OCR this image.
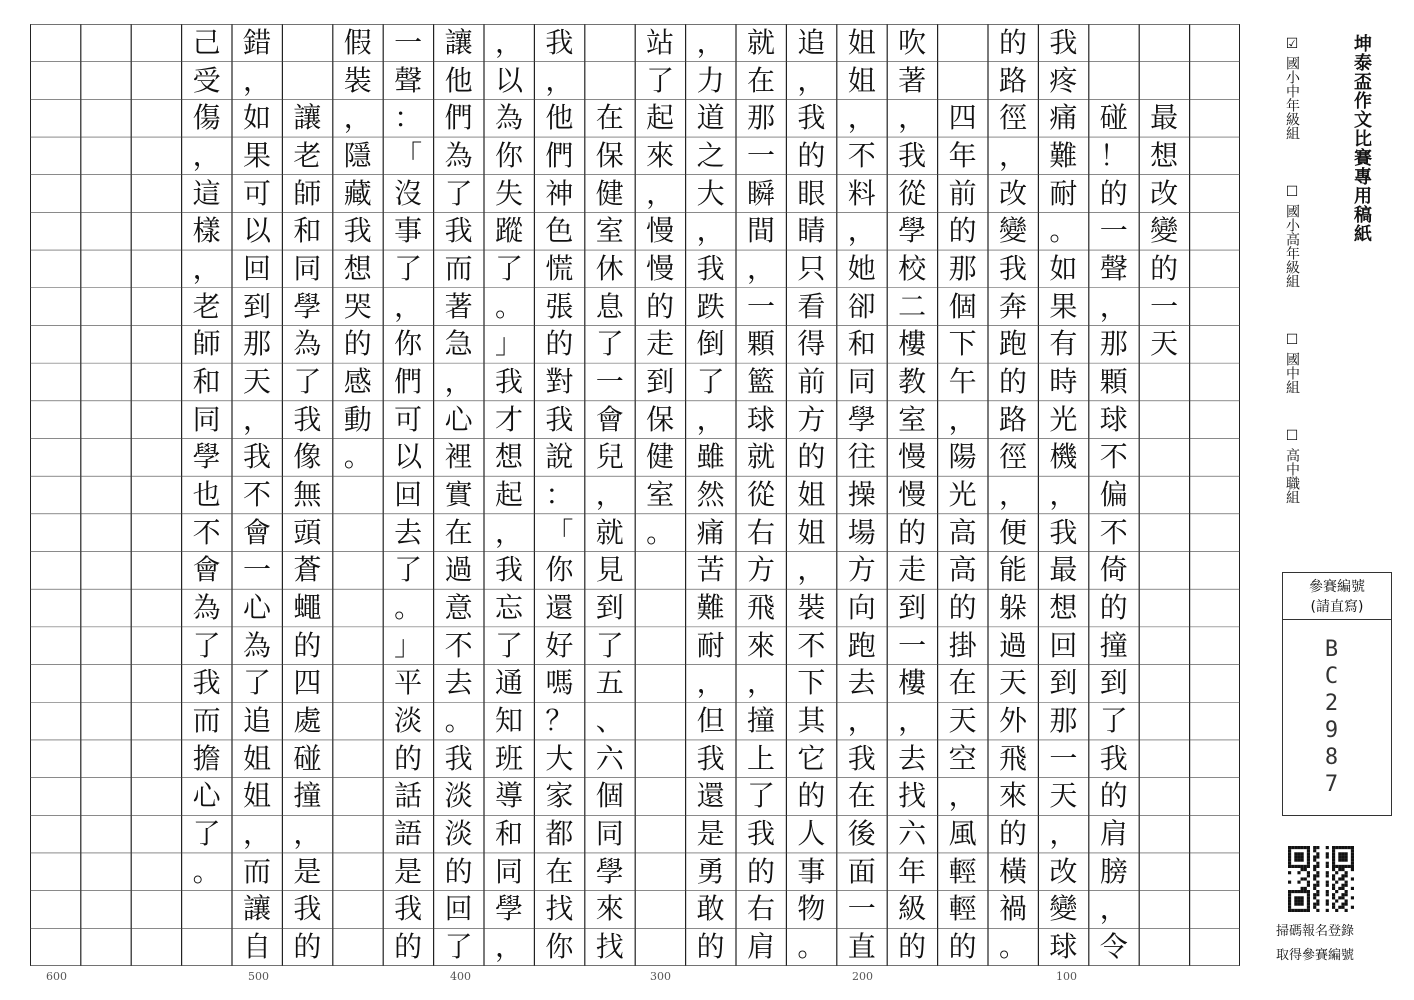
最
想
改
變
的
一
天
碰
！
的
一
聲
，
那
顆
球
不
偏
不
倚
的
撞
到
了
我
的
肩
膀
，
令
我
疼
痛
難
耐
。
如
果
有
時
光
機
，
我
最
想
回
到
那
一
天
，
改
變
球
的
路
徑
，
改
變
我
奔
跑
的
路
徑
，
便
能
躲
過
天
外
飛
來
的
橫
禍
。
四
年
前
的
那
個
下
午
，
陽
光
高
高
的
掛
在
天
空
，
風
輕
輕
的
吹
著
，
我
從
學
校
二
樓
教
室
慢
慢
的
走
到
一
樓
，
去
找
六
年
級
的
姐
姐
，
不
料
，
她
卻
和
同
學
往
操
場
方
向
跑
去
，
我
在
後
面
一
直
追
，
我
的
眼
睛
只
看
得
前
方
的
姐
姐
，
裝
不
下
其
它
的
人
事
物
。
就
在
那
一
瞬
間
，
一
顆
籃
球
就
從
右
方
飛
來
，
撞
上
了
我
的
右
肩
，
力
道
之
大
，
我
跌
倒
了
，
雖
然
痛
苦
難
耐
，
但
我
還
是
勇
敢
的
站
了
起
來
，
慢
慢
的
走
到
保
健
室
。
在
保
健
室
休
息
了
一
會
兒
，
就
見
到
了
五
、
六
個
同
學
來
找
我
，
他
們
神
色
慌
張
的
對
我
說
：
「
你
還
好
嗎
？
大
家
都
在
找
你
，
以
為
你
失
蹤
了
。
」
我
才
想
起
，
我
忘
了
通
知
班
導
和
同
學
，
讓
他
們
為
了
我
而
著
急
，
心
裡
實
在
過
意
不
去
。
我
淡
淡
的
回
了
一
聲
：
「
沒
事
了
，
你
們
可
以
回
去
了
。
」
平
淡
的
話
語
是
我
的
假
裝
，
隱
藏
我
想
哭
的
感
動
。
讓
老
師
和
同
學
為
了
我
像
無
頭
蒼
蠅
的
四
處
碰
撞
，
是
我
的
錯
，
如
果
可
以
回
到
那
天
，
我
不
會
一
心
為
了
追
姐
姐
，
而
讓
自
己
受
傷
，
這
樣
，
老
師
和
同
學
也
不
會
為
了
我
而
擔
心
了
。
坤泰盃作文比賽專用稿紙
☑
國小中年級組
☐
國小高年級組
☐
國中組
☐
高中職組
參賽編號
(請直寫)
BC2987
掃碼報名登錄
取得參賽編號
100
200
300
400
500
600
